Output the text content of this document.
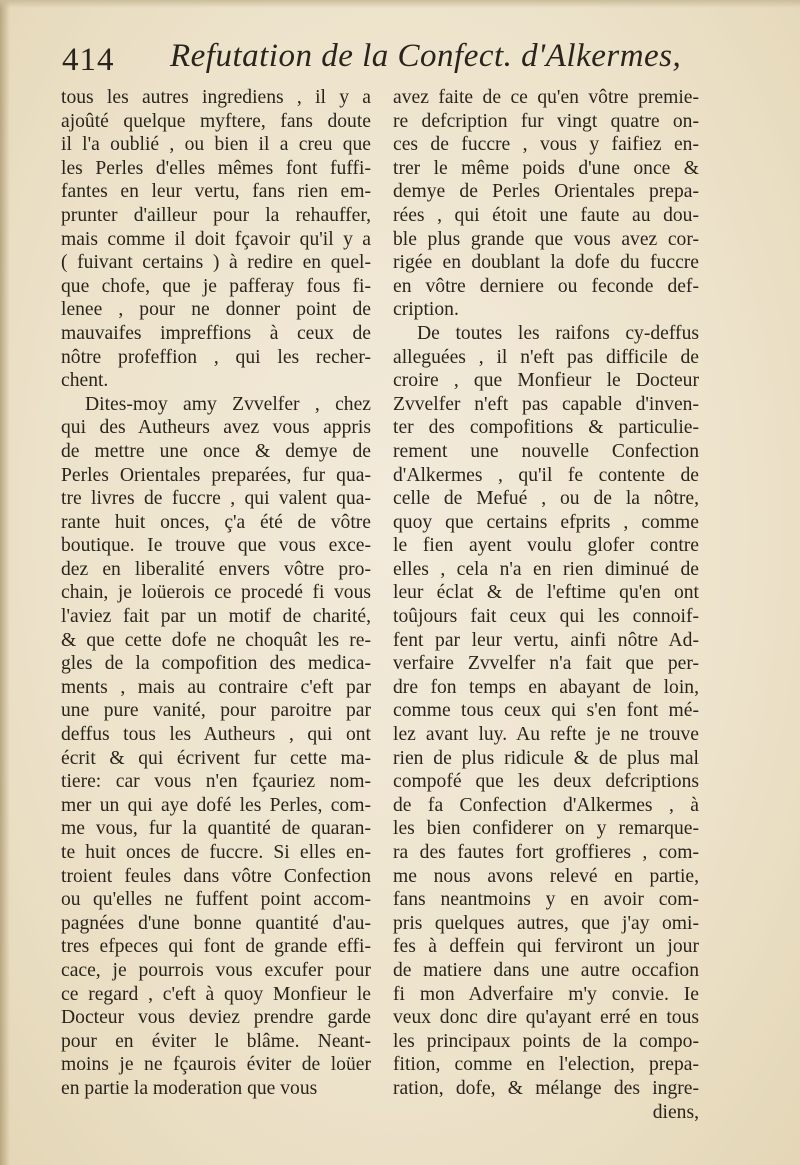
414 Refutation de la Confect. d'Alkermes,
tous les autres ingrediens , il y a
ajoûté quelque myftere, fans doute
il l'a oublié , ou bien il a creu que
les Perles d'elles mêmes font fuffi-
fantes en leur vertu, fans rien em-
prunter d'ailleur pour la rehauffer,
mais comme il doit fçavoir qu'il y a
( fuivant certains ) à redire en quel-
que chofe, que je pafferay fous fi-
lenee , pour ne donner point de
mauvaifes impreffions à ceux de
nôtre profeffion , qui les recher-
chent.
Dites-moy amy Zvvelfer , chez
qui des Autheurs avez vous appris
de mettre une once & demye de
Perles Orientales preparées, fur qua-
tre livres de fuccre , qui valent qua-
rante huit onces, ç'a été de vôtre
boutique. Ie trouve que vous exce-
dez en liberalité envers vôtre pro-
chain, je loüerois ce procedé fi vous
l'aviez fait par un motif de charité,
& que cette dofe ne choquât les re-
gles de la compofition des medica-
ments , mais au contraire c'eft par
une pure vanité, pour paroitre par
deffus tous les Autheurs , qui ont
écrit & qui écrivent fur cette ma-
tiere: car vous n'en fçauriez nom-
mer un qui aye dofé les Perles, com-
me vous, fur la quantité de quaran-
te huit onces de fuccre. Si elles en-
troient feules dans vôtre Confection
ou qu'elles ne fuffent point accom-
pagnées d'une bonne quantité d'au-
tres efpeces qui font de grande effi-
cace, je pourrois vous excufer pour
ce regard , c'eft à quoy Monfieur le
Docteur vous deviez prendre garde
pour en éviter le blâme. Neant-
moins je ne fçaurois éviter de loüer
en partie la moderation que vous
avez faite de ce qu'en vôtre premie-
re defcription fur vingt quatre on-
ces de fuccre , vous y faifiez en-
trer le même poids d'une once &
demye de Perles Orientales prepa-
rées , qui étoit une faute au dou-
ble plus grande que vous avez cor-
rigée en doublant la dofe du fuccre
en vôtre derniere ou feconde def-
cription.
De toutes les raifons cy-deffus
alleguées , il n'eft pas difficile de
croire , que Monfieur le Docteur
Zvvelfer n'eft pas capable d'inven-
ter des compofitions & particulie-
rement une nouvelle Confection
d'Alkermes , qu'il fe contente de
celle de Mefué , ou de la nôtre,
quoy que certains efprits , comme
le fien ayent voulu glofer contre
elles , cela n'a en rien diminué de
leur éclat & de l'eftime qu'en ont
toûjours fait ceux qui les connoif-
fent par leur vertu, ainfi nôtre Ad-
verfaire Zvvelfer n'a fait que per-
dre fon temps en abayant de loin,
comme tous ceux qui s'en font mé-
lez avant luy. Au refte je ne trouve
rien de plus ridicule & de plus mal
compofé que les deux defcriptions
de fa Confection d'Alkermes , à
les bien confiderer on y remarque-
ra des fautes fort groffieres , com-
me nous avons relevé en partie,
fans neantmoins y en avoir com-
pris quelques autres, que j'ay omi-
fes à deffein qui ferviront un jour
de matiere dans une autre occafion
fi mon Adverfaire m'y convie. Ie
veux donc dire qu'ayant erré en tous
les principaux points de la compo-
fition, comme en l'election, prepa-
ration, dofe, & mélange des ingre-
diens,
